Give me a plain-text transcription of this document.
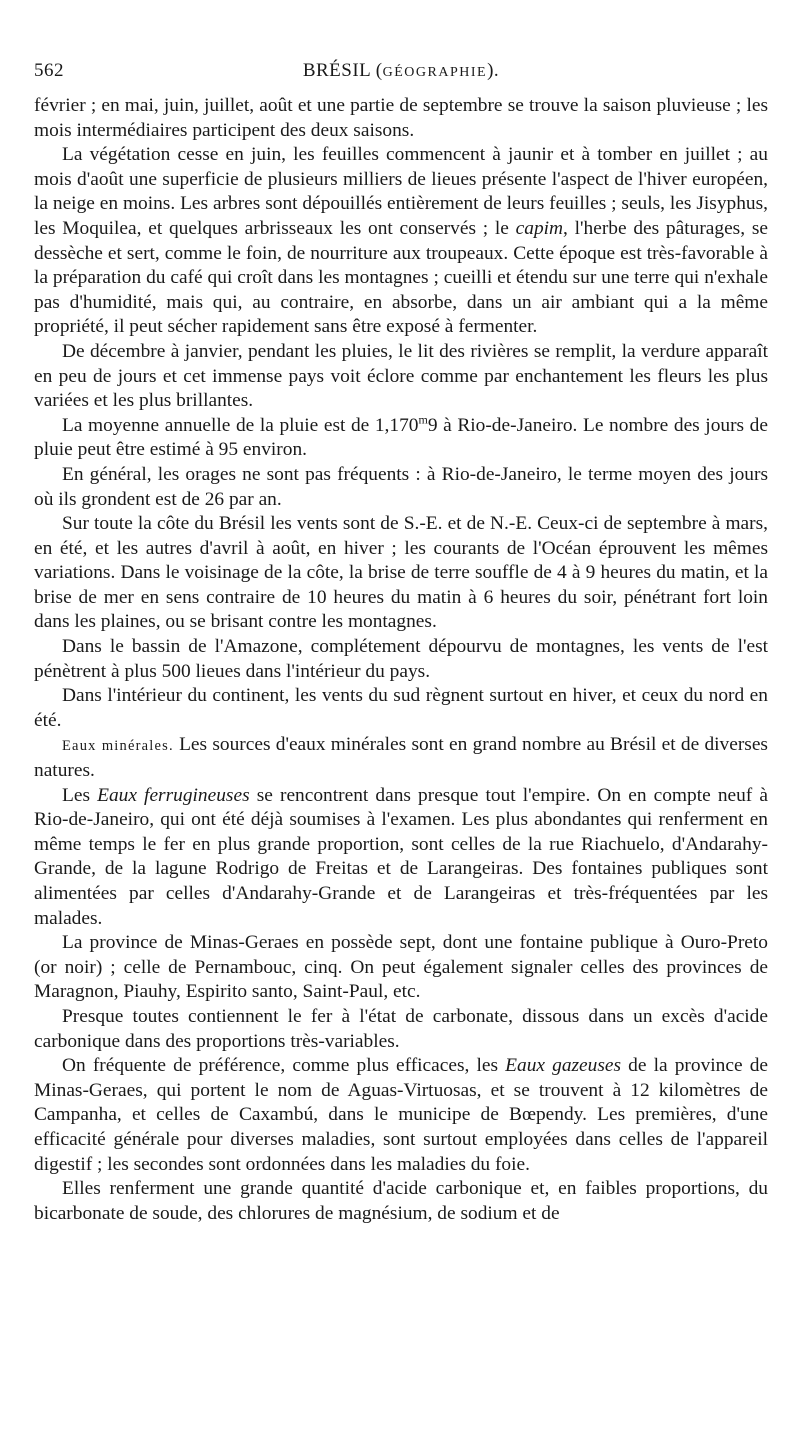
562	BRÉSIL (GÉOGRAPHIE).

février ; en mai, juin, juillet, août et une partie de septembre se trouve la saison pluvieuse ; les mois intermédiaires participent des deux saisons.

La végétation cesse en juin, les feuilles commencent à jaunir et à tomber en juillet ; au mois d'août une superficie de plusieurs milliers de lieues présente l'aspect de l'hiver européen, la neige en moins. Les arbres sont dépouillés entièrement de leurs feuilles ; seuls, les Jisyphus, les Moquilea, et quelques arbrisseaux les ont conservés ; le capim, l'herbe des pâturages, se dessèche et sert, comme le foin, de nourriture aux troupeaux. Cette époque est très-favorable à la préparation du café qui croît dans les montagnes ; cueilli et étendu sur une terre qui n'exhale pas d'humidité, mais qui, au contraire, en absorbe, dans un air ambiant qui a la même propriété, il peut sécher rapidement sans être exposé à fermenter.

De décembre à janvier, pendant les pluies, le lit des rivières se remplit, la verdure apparaît en peu de jours et cet immense pays voit éclore comme par enchantement les fleurs les plus variées et les plus brillantes.

La moyenne annuelle de la pluie est de 1,170$^m$9 à Rio-de-Janeiro. Le nombre des jours de pluie peut être estimé à 95 environ.

En général, les orages ne sont pas fréquents : à Rio-de-Janeiro, le terme moyen des jours où ils grondent est de 26 par an.

Sur toute la côte du Brésil les vents sont de S.-E. et de N.-E. Ceux-ci de septembre à mars, en été, et les autres d'avril à août, en hiver ; les courants de l'Océan éprouvent les mêmes variations. Dans le voisinage de la côte, la brise de terre souffle de 4 à 9 heures du matin, et la brise de mer en sens contraire de 10 heures du matin à 6 heures du soir, pénétrant fort loin dans les plaines, ou se brisant contre les montagnes.

Dans le bassin de l'Amazone, complétement dépourvu de montagnes, les vents de l'est pénètrent à plus 500 lieues dans l'intérieur du pays.

Dans l'intérieur du continent, les vents du sud règnent surtout en hiver, et ceux du nord en été.

Eaux minérales. Les sources d'eaux minérales sont en grand nombre au Brésil et de diverses natures.

Les Eaux ferrugineuses se rencontrent dans presque tout l'empire. On en compte neuf à Rio-de-Janeiro, qui ont été déjà soumises à l'examen. Les plus abondantes qui renferment en même temps le fer en plus grande proportion, sont celles de la rue Riachuelo, d'Andarahy-Grande, de la lagune Rodrigo de Freitas et de Larangeiras. Des fontaines publiques sont alimentées par celles d'Andarahy-Grande et de Larangeiras et très-fréquentées par les malades.

La province de Minas-Geraes en possède sept, dont une fontaine publique à Ouro-Preto (or noir) ; celle de Pernambouc, cinq. On peut également signaler celles des provinces de Maragnon, Piauhy, Espirito santo, Saint-Paul, etc.

Presque toutes contiennent le fer à l'état de carbonate, dissous dans un excès d'acide carbonique dans des proportions très-variables.

On fréquente de préférence, comme plus efficaces, les Eaux gazeuses de la province de Minas-Geraes, qui portent le nom de Aguas-Virtuosas, et se trouvent à 12 kilomètres de Campanha, et celles de Caxambú, dans le municipe de Bœpendy. Les premières, d'une efficacité générale pour diverses maladies, sont surtout employées dans celles de l'appareil digestif ; les secondes sont ordonnées dans les maladies du foie.

Elles renferment une grande quantité d'acide carbonique et, en faibles proportions, du bicarbonate de soude, des chlorures de magnésium, de sodium et de
